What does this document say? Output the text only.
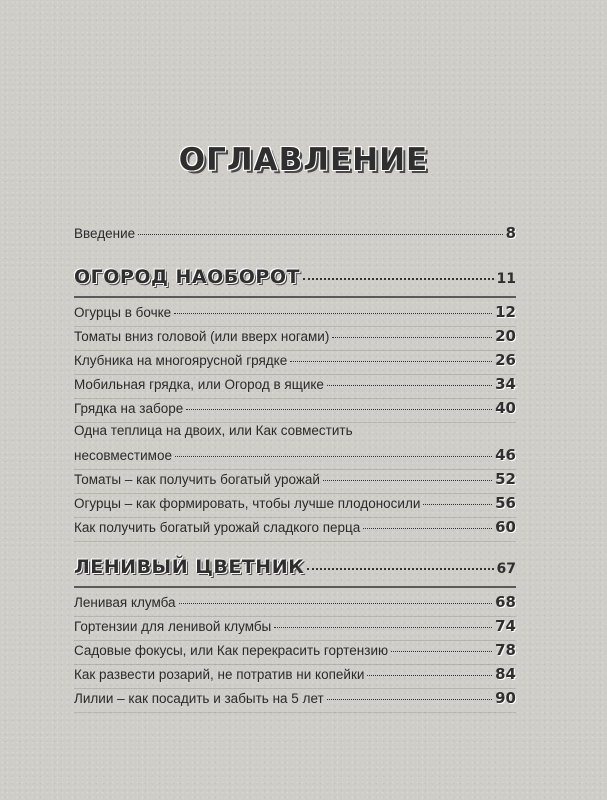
ОГЛАВЛЕНИЕ
Введение	8
ОГОРОД НАОБОРОТ	11
Огурцы в бочке	12
Томаты вниз головой (или вверх ногами)	20
Клубника на многоярусной грядке	26
Мобильная грядка, или Огород в ящике	34
Грядка на заборе	40
Одна теплица на двоих, или Как совместить
несовместимое	46
Томаты – как получить богатый урожай	52
Огурцы – как формировать, чтобы лучше плодоносили	56
Как получить богатый урожай сладкого перца	60
ЛЕНИВЫЙ ЦВЕТНИК	67
Ленивая клумба	68
Гортензии для ленивой клумбы	74
Садовые фокусы, или Как перекрасить гортензию	78
Как развести розарий, не потратив ни копейки	84
Лилии – как посадить и забыть на 5 лет	90
